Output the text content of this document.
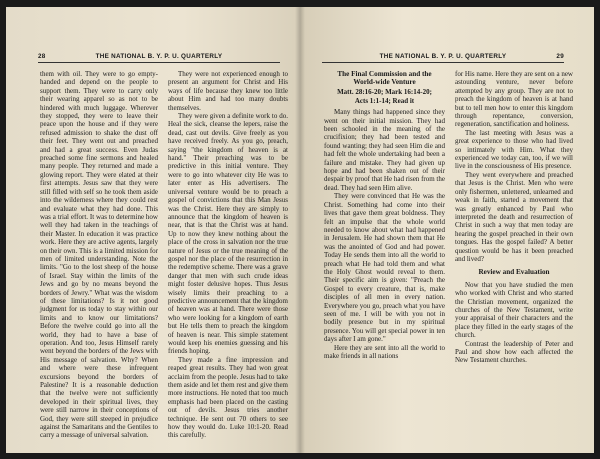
28	THE NATIONAL B. Y. P. U. QUARTERLY

them with oil. They were to go empty-handed and depend on the people to support them. They were to carry only their wearing apparel so as not to be hindered with much luggage. Wherever they stopped, they were to leave their peace upon the house and if they were refused admission to shake the dust off their feet. They went out and preached and had a great success. Even Judas preached some fine sermons and healed many people. They returned and made a glowing report. They were elated at their first attempts. Jesus saw that they were still filled with self so he took them aside into the wilderness where they could rest and evaluate what they had done. This was a trial effort. It was to determine how well they had taken in the teachings of their Master. In education it was practice work. Here they are active agents, largely on their own. This is a limited mission for men of limited understanding. Note the limits. "Go to the lost sheep of the house of Israel. Stay within the limits of the Jews and go by no means beyond the borders of Jewry." What was the wisdom of these limitations? Is it not good judgment for us today to stay within our limits and to know our limitations? Before the twelve could go into all the world, they had to have a base of operation. And too, Jesus Himself rarely went beyond the borders of the Jews with His message of salvation. Why? When and where were these infrequent excursions beyond the borders of Palestine? It is a reasonable deduction that the twelve were not sufficiently developed in their spiritual lives, they were still narrow in their conceptions of God, they were still steeped in prejudice against the Samaritans and the Gentiles to carry a message of universal salvation.

They were not experienced enough to present an argument for Christ and His ways of life because they knew too little about Him and had too many doubts themselves.

They were given a definite work to do. Heal the sick, cleanse the lepers, raise the dead, cast out devils. Give freely as you have received freely. As you go, preach, saying "the kingdom of heaven is at hand." Their preaching was to be predictive in this initial venture. They were to go into whatever city He was to later enter as His advertisers. The universal venture would be to preach a gospel of convictions that this Man Jesus was the Christ. Here they are simply to announce that the kingdom of heaven is near, that is that the Christ was at hand. Up to now they knew nothing about the place of the cross in salvation nor the true nature of Jesus or the true meaning of the gospel nor the place of the resurrection in the redemptive scheme. There was a grave danger that men with such crude ideas might foster delusive hopes. Thus Jesus wisely limits their preaching to a predictive announcement that the kingdom of heaven was at hand. There were those who were looking for a kingdom of earth but He tells them to preach the kingdom of heaven is near. This simple statement would keep his enemies guessing and his friends hoping.

They made a fine impression and reaped great results. They had won great acclaim from the people. Jesus had to take them aside and let them rest and give them more instructions. He noted that too much emphasis had been placed on the casting out of devils. Jesus tries another technique. He sent out 70 others to see how they would do. Luke 10:1-20. Read this carefully.

THE NATIONAL B. Y. P. U. QUARTERLY	29

The Final Commission and the

World-wide Venture

Matt. 28:16-20; Mark 16:14-20;

Acts 1:1-14; Read it

Many things had happened since they went on their initial mission. They had been schooled in the meaning of the crucifixion; they had been tested and found wanting; they had seen Him die and had felt the whole undertaking had been a failure and mistake. They had given up hope and had been shaken out of their despair by proof that He had risen from the dead. They had seen Him alive.

They were convinced that He was the Christ. Something had come into their lives that gave them great boldness. They felt an impulse that the whole world needed to know about what had happened in Jerusalem. He had shown them that He was the anointed of God and had power. Today He sends them into all the world to preach what He had told them and what the Holy Ghost would reveal to them. Their specific aim is given: "Preach the Gospel to every creature, that is, make disciples of all men in every nation. Everywhere you go, preach what you have seen of me. I will be with you not in bodily presence but in my spiritual presence. You will get special power in ten days after I am gone."

Here they are sent into all the world to make friends in all nations

for His name. Here they are sent on a new astounding venture, never before attempted by any group. They are not to preach the kingdom of heaven is at hand but to tell men how to enter this kingdom through repentance, conversion, regeneration, sanctification and holiness.

The last meeting with Jesus was a great experience to those who had lived so intimately with Him. What they experienced we today can, too, if we will live in the consciousness of His presence.

They went everywhere and preached that Jesus is the Christ. Men who were only fishermen, unlettered, unlearned and weak in faith, started a movement that was greatly enhanced by Paul who interpreted the death and resurrection of Christ in such a way that men today are hearing the gospel preached in their own tongues. Has the gospel failed? A better question would be has it been preached and lived?

Review and Evaluation

Now that you have studied the men who worked with Christ and who started the Christian movement, organized the churches of the New Testament, write your appraisal of their characters and the place they filled in the early stages of the church.

Contrast the leadership of Peter and Paul and show how each affected the New Testament churches.
